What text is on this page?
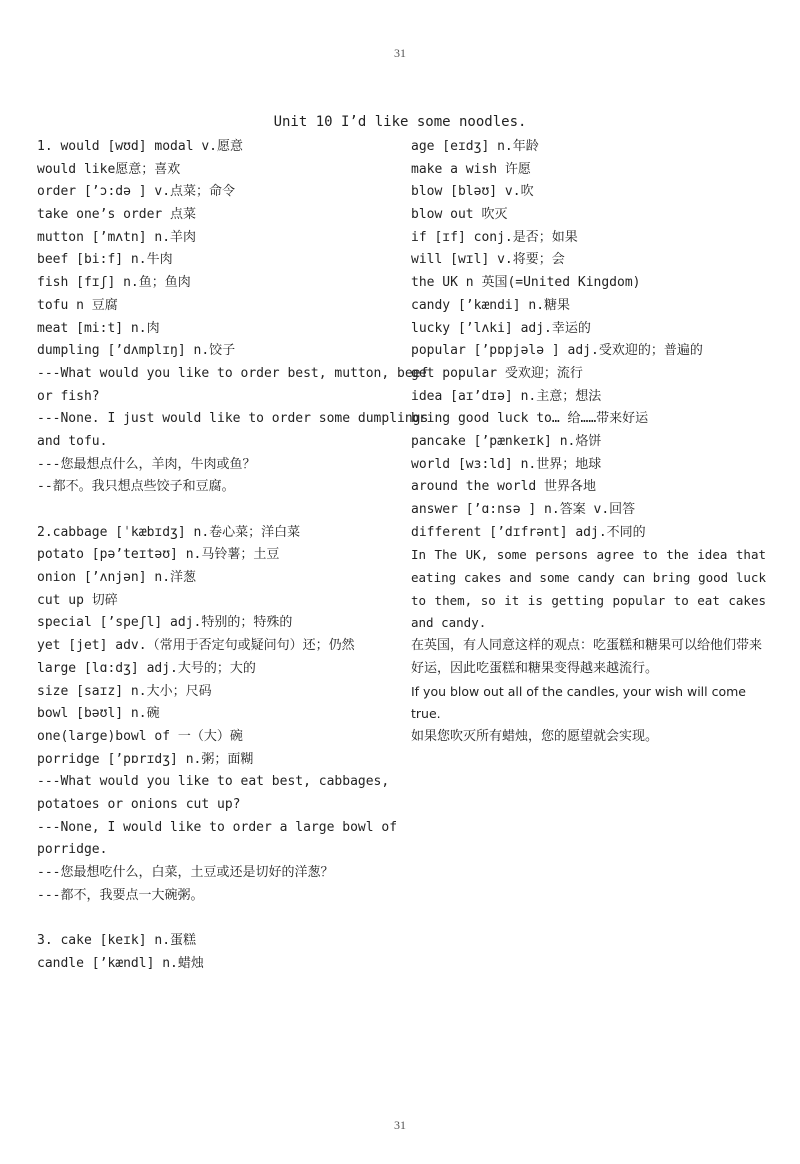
31
Unit 10 I’d like some noodles.
1. would [wʊd] modal v.愿意
would like愿意；喜欢
order [’ɔ:də ] v.点菜；命令
take one’s order 点菜
mutton [’mʌtn] n.羊肉
beef [bi:f] n.牛肉
fish [fɪʃ] n.鱼；鱼肉
tofu n 豆腐
meat [mi:t] n.肉
dumpling [’dʌmplɪŋ] n.饺子
---What would you like to order best, mutton, beef
or fish?
---None. I just would like to order some dumplings
and tofu.
---您最想点什么，羊肉，牛肉或鱼？
--都不。我只想点些饺子和豆腐。
2.cabbage [ˈkæbɪdʒ] n.卷心菜；洋白菜
potato [pə’teɪtəʊ] n.马铃薯；土豆
onion [’ʌnjən] n.洋葱
cut up 切碎
special [’speʃl] adj.特别的；特殊的
yet [jet] adv.（常用于否定句或疑问句）还；仍然
large [lɑ:dʒ] adj.大号的；大的
size [saɪz] n.大小；尺码
bowl [bəʊl] n.碗
one(large)bowl of 一（大）碗
porridge [’pɒrɪdʒ] n.粥；面糊
---What would you like to eat best, cabbages,
potatoes or onions cut up?
---None, I would like to order a large bowl of
porridge.
---您最想吃什么，白菜，土豆或还是切好的洋葱？
---都不，我要点一大碗粥。
3. cake [keɪk] n.蛋糕
candle [’kændl] n.蜡烛
age [eɪdʒ] n.年龄
make a wish 许愿
blow [bləʊ] v.吹
blow out 吹灭
if [ɪf] conj.是否；如果
will [wɪl] v.将要；会
the UK n 英国(=United Kingdom)
candy [’kændi] n.糖果
lucky [’lʌki] adj.幸运的
popular [’pɒpjələ ] adj.受欢迎的；普遍的
get popular 受欢迎；流行
idea [aɪ’dɪə] n.主意；想法
bring good luck to… 给……带来好运
pancake [’pænkeɪk] n.烙饼
world [wɜ:ld] n.世界；地球
around the world 世界各地
answer [’ɑ:nsə ] n.答案 v.回答
different [’dɪfrənt] adj.不同的
In The UK, some persons agree to the idea that eating cakes and some candy can bring good luck to them, so it is getting popular to eat cakes and candy.
在英国，有人同意这样的观点：吃蛋糕和糖果可以给他们带来好运，因此吃蛋糕和糖果变得越来越流行。
If you blow out all of the candles, your wish will come true.
如果您吹灭所有蜡烛，您的愿望就会实现。
31
